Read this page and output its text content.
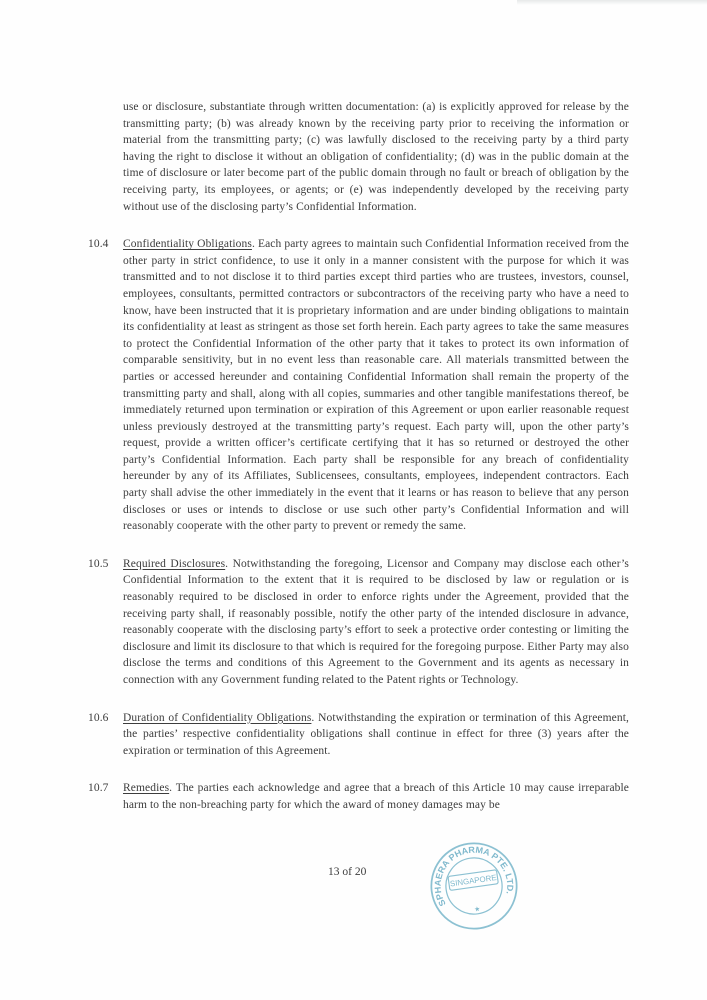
use or disclosure, substantiate through written documentation: (a) is explicitly approved for release by the transmitting party; (b) was already known by the receiving party prior to receiving the information or material from the transmitting party; (c) was lawfully disclosed to the receiving party by a third party having the right to disclose it without an obligation of confidentiality; (d) was in the public domain at the time of disclosure or later become part of the public domain through no fault or breach of obligation by the receiving party, its employees, or agents; or (e) was independently developed by the receiving party without use of the disclosing party’s Confidential Information.

10.4	Confidentiality Obligations. Each party agrees to maintain such Confidential Information received from the other party in strict confidence, to use it only in a manner consistent with the purpose for which it was transmitted and to not disclose it to third parties except third parties who are trustees, investors, counsel, employees, consultants, permitted contractors or subcontractors of the receiving party who have a need to know, have been instructed that it is proprietary information and are under binding obligations to maintain its confidentiality at least as stringent as those set forth herein. Each party agrees to take the same measures to protect the Confidential Information of the other party that it takes to protect its own information of comparable sensitivity, but in no event less than reasonable care. All materials transmitted between the parties or accessed hereunder and containing Confidential Information shall remain the property of the transmitting party and shall, along with all copies, summaries and other tangible manifestations thereof, be immediately returned upon termination or expiration of this Agreement or upon earlier reasonable request unless previously destroyed at the transmitting party’s request. Each party will, upon the other party’s request, provide a written officer’s certificate certifying that it has so returned or destroyed the other party’s Confidential Information. Each party shall be responsible for any breach of confidentiality hereunder by any of its Affiliates, Sublicensees, consultants, employees, independent contractors. Each party shall advise the other immediately in the event that it learns or has reason to believe that any person discloses or uses or intends to disclose or use such other party’s Confidential Information and will reasonably cooperate with the other party to prevent or remedy the same.

10.5	Required Disclosures. Notwithstanding the foregoing, Licensor and Company may disclose each other’s Confidential Information to the extent that it is required to be disclosed by law or regulation or is reasonably required to be disclosed in order to enforce rights under the Agreement, provided that the receiving party shall, if reasonably possible, notify the other party of the intended disclosure in advance, reasonably cooperate with the disclosing party’s effort to seek a protective order contesting or limiting the disclosure and limit its disclosure to that which is required for the foregoing purpose. Either Party may also disclose the terms and conditions of this Agreement to the Government and its agents as necessary in connection with any Government funding related to the Patent rights or Technology.

10.6	Duration of Confidentiality Obligations. Notwithstanding the expiration or termination of this Agreement, the parties’ respective confidentiality obligations shall continue in effect for three (3) years after the expiration or termination of this Agreement.

10.7	Remedies. The parties each acknowledge and agree that a breach of this Article 10 may cause irreparable harm to the non-breaching party for which the award of money damages may be

13 of 20
SPHAERA PHARMA PTE. LTD.
SINGAPORE
★
